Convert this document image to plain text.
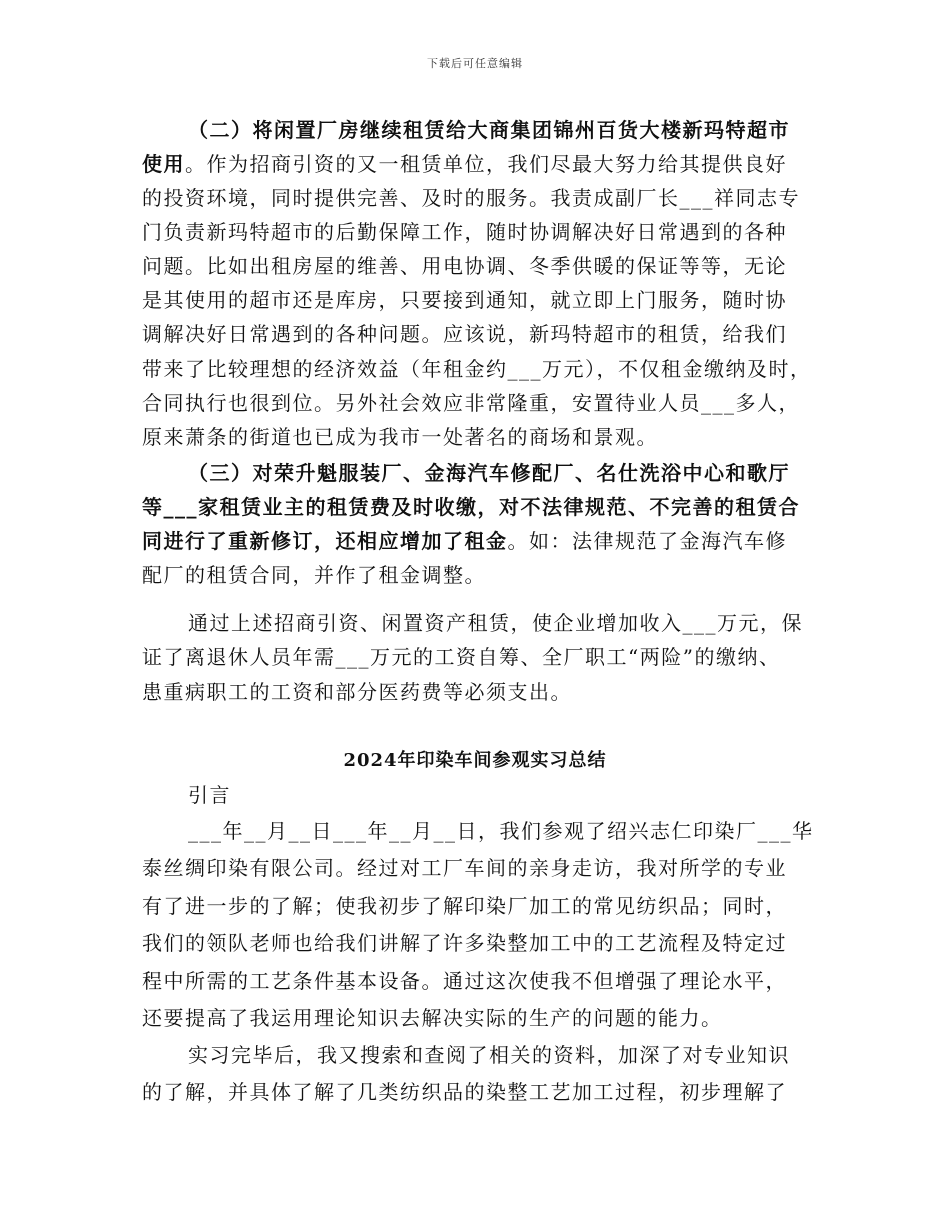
下载后可任意编辑
（二）将闲置厂房继续租赁给大商集团锦州百货大楼新玛特超市
使用。作为招商引资的又一租赁单位，我们尽最大努力给其提供良好
的投资环境，同时提供完善、及时的服务。我责成副厂长___祥同志专
门负责新玛特超市的后勤保障工作，随时协调解决好日常遇到的各种
问题。比如出租房屋的维善、用电协调、冬季供暖的保证等等，无论
是其使用的超市还是库房，只要接到通知，就立即上门服务，随时协
调解决好日常遇到的各种问题。应该说，新玛特超市的租赁，给我们
带来了比较理想的经济效益（年租金约___万元），不仅租金缴纳及时，
合同执行也很到位。另外社会效应非常隆重，安置待业人员___多人，
原来萧条的街道也已成为我市一处著名的商场和景观。
（三）对荣升魁服装厂、金海汽车修配厂、名仕洗浴中心和歌厅
等___家租赁业主的租赁费及时收缴，对不法律规范、不完善的租赁合
同进行了重新修订，还相应增加了租金。如：法律规范了金海汽车修
配厂的租赁合同，并作了租金调整。
通过上述招商引资、闲置资产租赁，使企业增加收入___万元，保
证了离退休人员年需___万元的工资自筹、全厂职工“两险”的缴纳、
患重病职工的工资和部分医药费等必须支出。
2024年印染车间参观实习总结
引言
___年__月__日___年__月__日，我们参观了绍兴志仁印染厂___华
泰丝绸印染有限公司。经过对工厂车间的亲身走访，我对所学的专业
有了进一步的了解；使我初步了解印染厂加工的常见纺织品；同时，
我们的领队老师也给我们讲解了许多染整加工中的工艺流程及特定过
程中所需的工艺条件基本设备。通过这次使我不但增强了理论水平，
还要提高了我运用理论知识去解决实际的生产的问题的能力。
实习完毕后，我又搜索和查阅了相关的资料，加深了对专业知识
的了解，并具体了解了几类纺织品的染整工艺加工过程，初步理解了
